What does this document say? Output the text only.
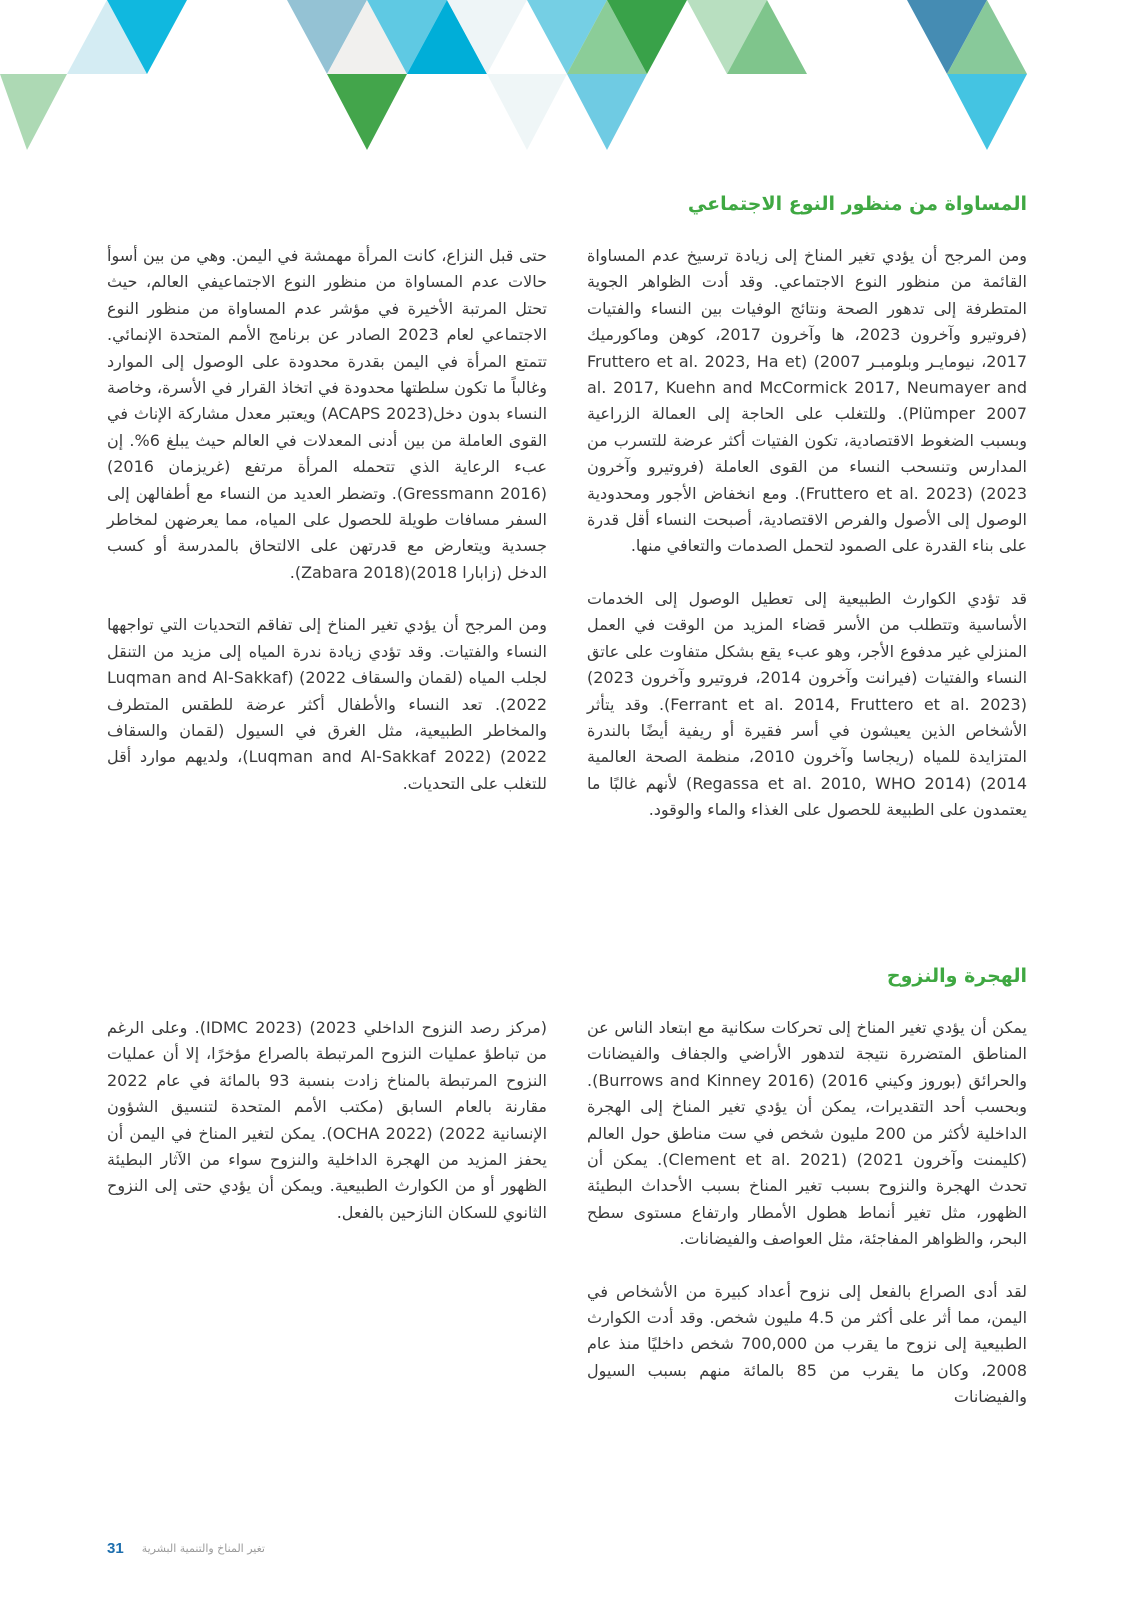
المساواة من منظور النوع الاجتماعي

ومن المرجح أن يؤدي تغير المناخ إلى زيادة ترسيخ عدم المساواة القائمة من منظور النوع الاجتماعي. وقد أدت الظواهر الجوية المتطرفة إلى تدهور الصحة ونتائج الوفيات بين النساء والفتيات (فروتيرو وآخرون 2023، ها وآخرون 2017، كوهن وماكورميك 2017، نيومايـر وبلومبـر 2007) (Fruttero et al. 2023, Ha et al. 2017, Kuehn and McCormick 2017, Neumayer and Plümper 2007). وللتغلب على الحاجة إلى العمالة الزراعية وبسبب الضغوط الاقتصادية، تكون الفتيات أكثر عرضة للتسرب من المدارس وتنسحب النساء من القوى العاملة (فروتيرو وآخرون 2023) (Fruttero et al. 2023). ومع انخفاض الأجور ومحدودية الوصول إلى الأصول والفرص الاقتصادية، أصبحت النساء أقل قدرة على بناء القدرة على الصمود لتحمل الصدمات والتعافي منها.

قد تؤدي الكوارث الطبيعية إلى تعطيل الوصول إلى الخدمات الأساسية وتتطلب من الأسر قضاء المزيد من الوقت في العمل المنزلي غير مدفوع الأجر، وهو عبء يقع بشكل متفاوت على عاتق النساء والفتيات (فيرانت وآخرون 2014، فروتيرو وآخرون 2023) (Ferrant et al. 2014, Fruttero et al. 2023). وقد يتأثر الأشخاص الذين يعيشون في أسر فقيرة أو ريفية أيضًا بالندرة المتزايدة للمياه (ريجاسا وآخرون 2010، منظمة الصحة العالمية 2014) (Regassa et al. 2010, WHO 2014) لأنهم غالبًا ما يعتمدون على الطبيعة للحصول على الغذاء والماء والوقود.

حتى قبل النزاع، كانت المرأة مهمشة في اليمن. وهي من بين أسوأ حالات عدم المساواة من منظور النوع الاجتماعيفي العالم، حيث تحتل المرتبة الأخيرة في مؤشر عدم المساواة من منظور النوع الاجتماعي لعام 2023 الصادر عن برنامج الأمم المتحدة الإنمائي. تتمتع المرأة في اليمن بقدرة محدودة على الوصول إلى الموارد وغالباً ما تكون سلطتها محدودة في اتخاذ القرار في الأسرة، وخاصة النساء بدون دخل(ACAPS 2023) ويعتبر معدل مشاركة الإناث في القوى العاملة من بين أدنى المعدلات في العالم حيث يبلغ 6%. إن عبء الرعاية الذي تتحمله المرأة مرتفع (غريزمان 2016) (Gressmann 2016). وتضطر العديد من النساء مع أطفالهن إلى السفر مسافات طويلة للحصول على المياه، مما يعرضهن لمخاطر جسدية ويتعارض مع قدرتهن على الالتحاق بالمدرسة أو كسب الدخل (زابارا 2018)(Zabara 2018).

ومن المرجح أن يؤدي تغير المناخ إلى تفاقم التحديات التي تواجهها النساء والفتيات. وقد تؤدي زيادة ندرة المياه إلى مزيد من التنقل لجلب المياه (لقمان والسقاف 2022) (Luqman and Al-Sakkaf 2022). تعد النساء والأطفال أكثر عرضة للطقس المتطرف والمخاطر الطبيعية، مثل الغرق في السيول (لقمان والسقاف 2022) (Luqman and Al-Sakkaf 2022)، ولديهم موارد أقل للتغلب على التحديات.

الهجرة والنزوح

يمكن أن يؤدي تغير المناخ إلى تحركات سكانية مع ابتعاد الناس عن المناطق المتضررة نتيجة لتدهور الأراضي والجفاف والفيضانات والحرائق (بوروز وكيني 2016) (Burrows and Kinney 2016). وبحسب أحد التقديرات، يمكن أن يؤدي تغير المناخ إلى الهجرة الداخلية لأكثر من 200 مليون شخص في ست مناطق حول العالم (كليمنت وآخرون 2021) (Clement et al. 2021). يمكن أن تحدث الهجرة والنزوح بسبب تغير المناخ بسبب الأحداث البطيئة الظهور، مثل تغير أنماط هطول الأمطار وارتفاع مستوى سطح البحر، والظواهر المفاجئة، مثل العواصف والفيضانات.

لقد أدى الصراع بالفعل إلى نزوح أعداد كبيرة من الأشخاص في اليمن، مما أثر على أكثر من 4.5 مليون شخص. وقد أدت الكوارث الطبيعية إلى نزوح ما يقرب من 700,000 شخص داخليًا منذ عام 2008، وكان ما يقرب من 85 بالمائة منهم بسبب السيول والفيضانات

(مركز رصد النزوح الداخلي 2023) (IDMC 2023). وعلى الرغم من تباطؤ عمليات النزوح المرتبطة بالصراع مؤخرًا، إلا أن عمليات النزوح المرتبطة بالمناخ زادت بنسبة 93 بالمائة في عام 2022 مقارنة بالعام السابق (مكتب الأمم المتحدة لتنسيق الشؤون الإنسانية 2022) (OCHA 2022). يمكن لتغير المناخ في اليمن أن يحفز المزيد من الهجرة الداخلية والنزوح سواء من الآثار البطيئة الظهور أو من الكوارث الطبيعية. ويمكن أن يؤدي حتى إلى النزوح الثانوي للسكان النازحين بالفعل.

31 تغير المناخ والتنمية البشرية
